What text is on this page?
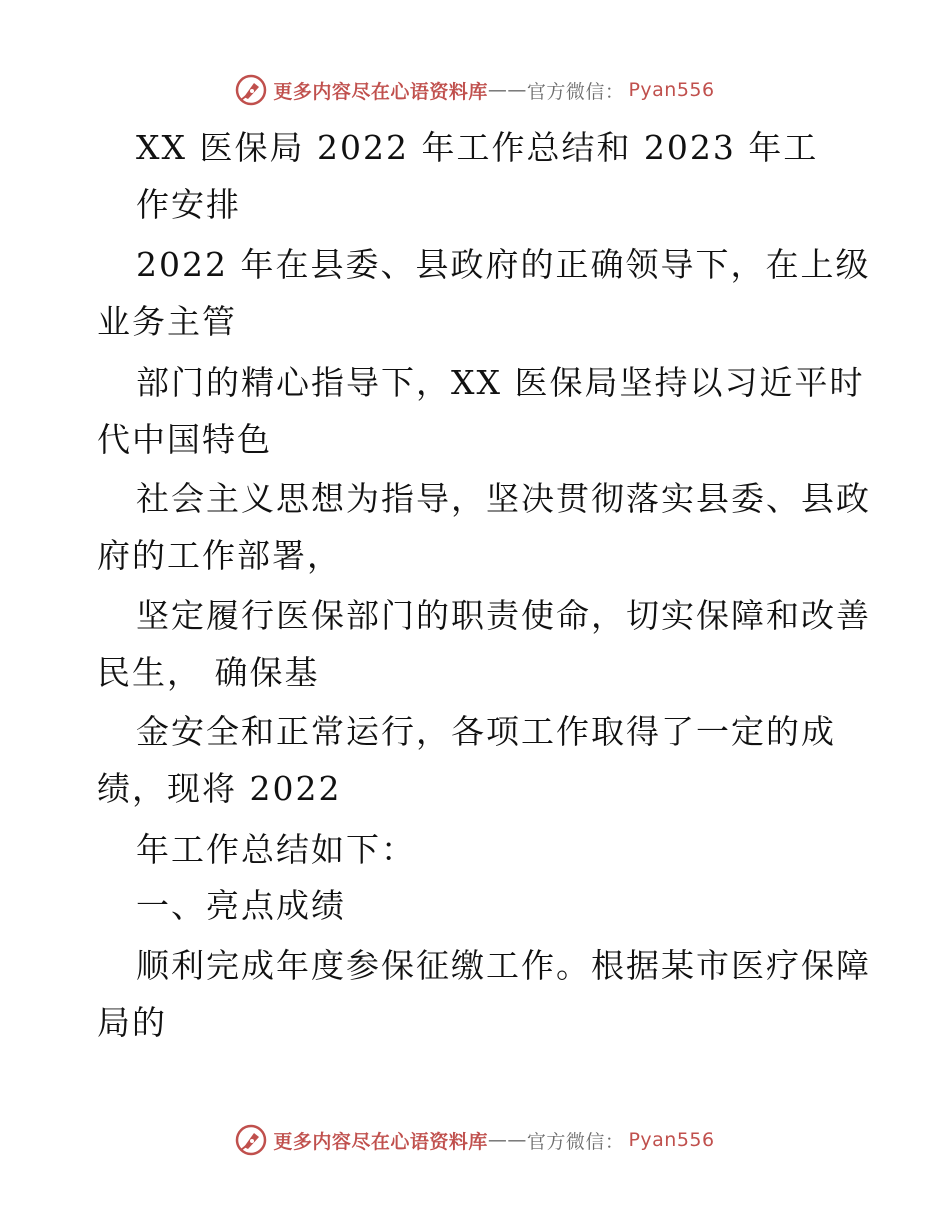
更多内容尽在心语资料库 —— 官方微信： Pyan556
XX 医保局 2022 年工作总结和 2023 年工
作安排
2022 年在县委、县政府的正确领导下，在上级
业务主管
部门的精心指导下，XX 医保局坚持以习近平时
代中国特色
社会主义思想为指导，坚决贯彻落实县委、县政
府的工作部署，
坚定履行医保部门的职责使命，切实保障和改善
民生， 确保基
金安全和正常运行，各项工作取得了一定的成
绩，现将 2022
年工作总结如下：
一、亮点成绩
顺利完成年度参保征缴工作。根据某市医疗保障
局的
更多内容尽在心语资料库 —— 官方微信： Pyan556
